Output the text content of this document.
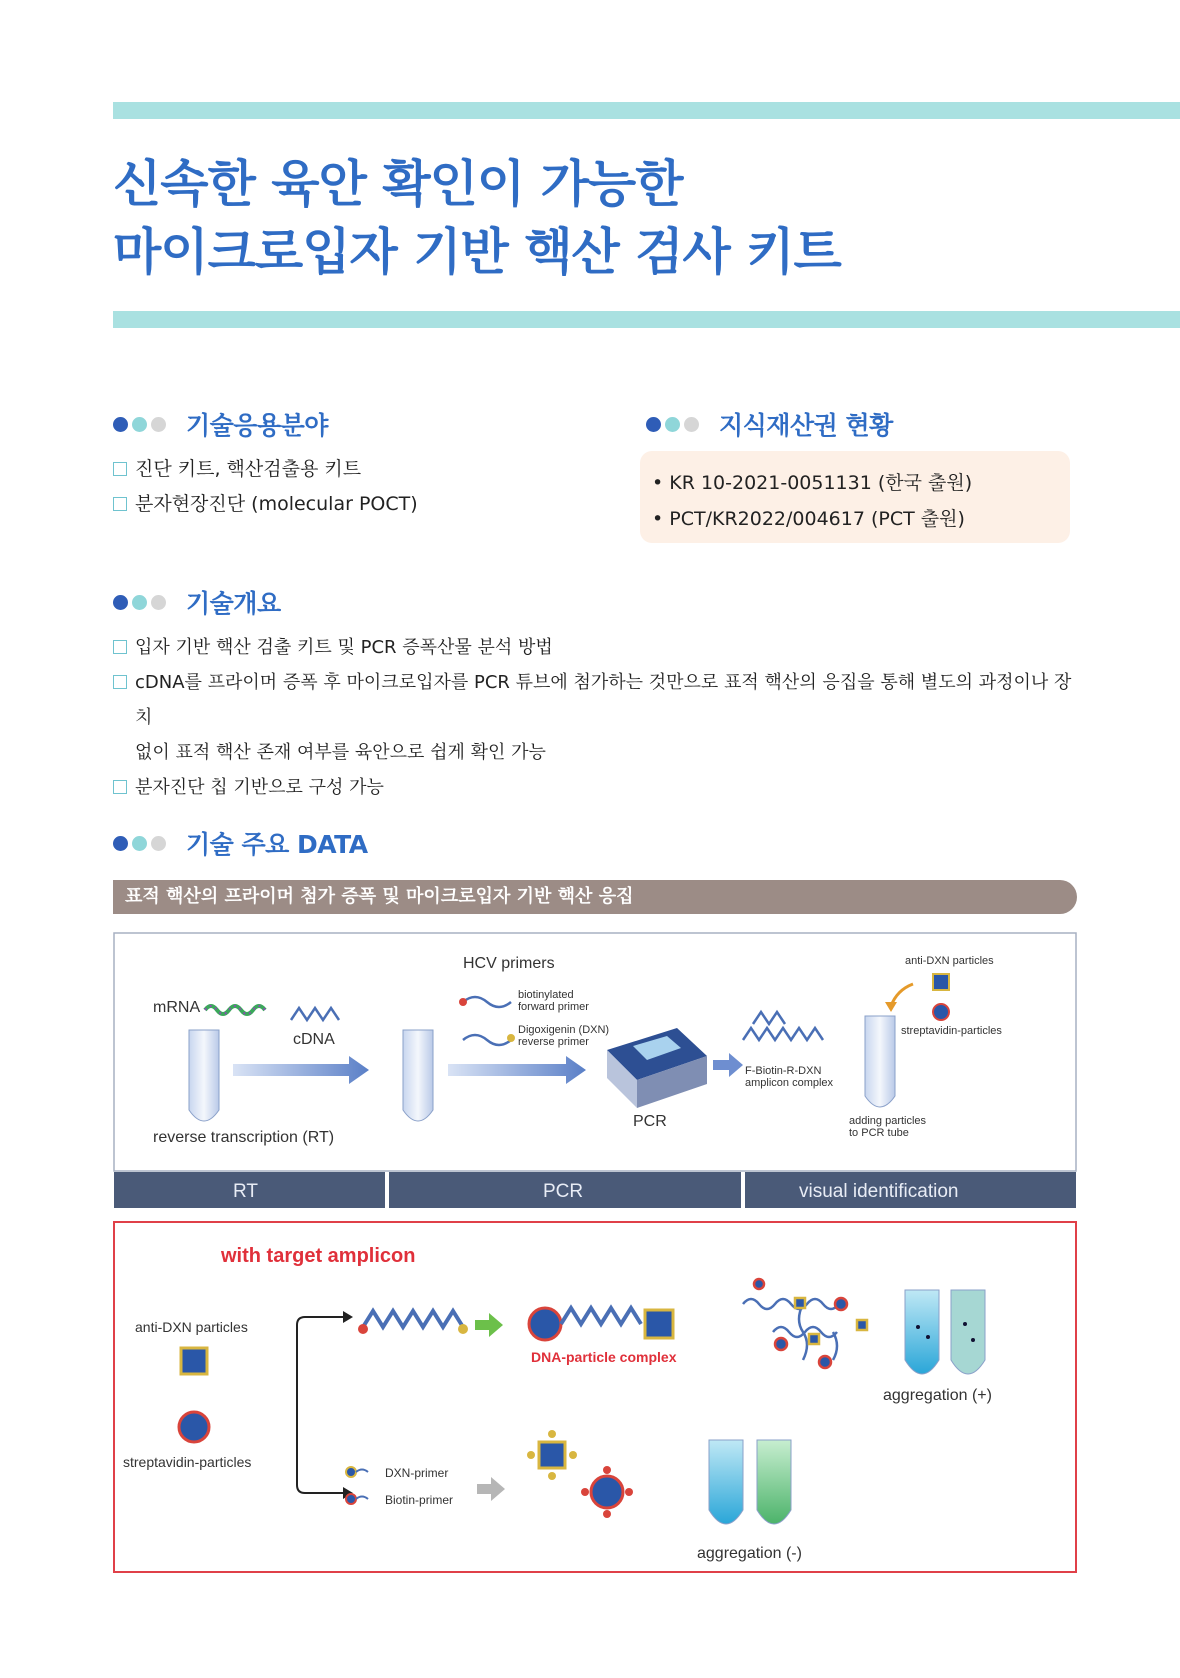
신속한 육안 확인이 가능한
마이크로입자 기반 핵산 검사 키트
기술응용분야
진단 키트, 핵산검출용 키트
분자현장진단 (molecular POCT)
지식재산권 현황
• KR 10-2021-0051131 (한국 출원)
• PCT/KR2022/004617 (PCT 출원)
기술개요
입자 기반 핵산 검출 키트 및 PCR 증폭산물 분석 방법
cDNA를 프라이머 증폭 후 마이크로입자를 PCR 튜브에 첨가하는 것만으로 표적 핵산의 응집을 통해 별도의 과정이나 장치
없이 표적 핵산 존재 여부를 육안으로 쉽게 확인 가능
분자진단 칩 기반으로 구성 가능
기술 주요 DATA
표적 핵산의 프라이머 첨가 증폭 및 마이크로입자 기반 핵산 응집
mRNA
cDNA
reverse transcription (RT)
HCV primers
biotinylated
forward primer
Digoxigenin (DXN)
reverse primer
PCR
F-Biotin-R-DXN
amplicon complex
anti-DXN particles
streptavidin-particles
adding particles
to PCR tube
RT	PCR	visual identification
with target amplicon
anti-DXN particles
streptavidin-particles
DNA-particle complex
aggregation (+)
DXN-primer
Biotin-primer
aggregation (-)
